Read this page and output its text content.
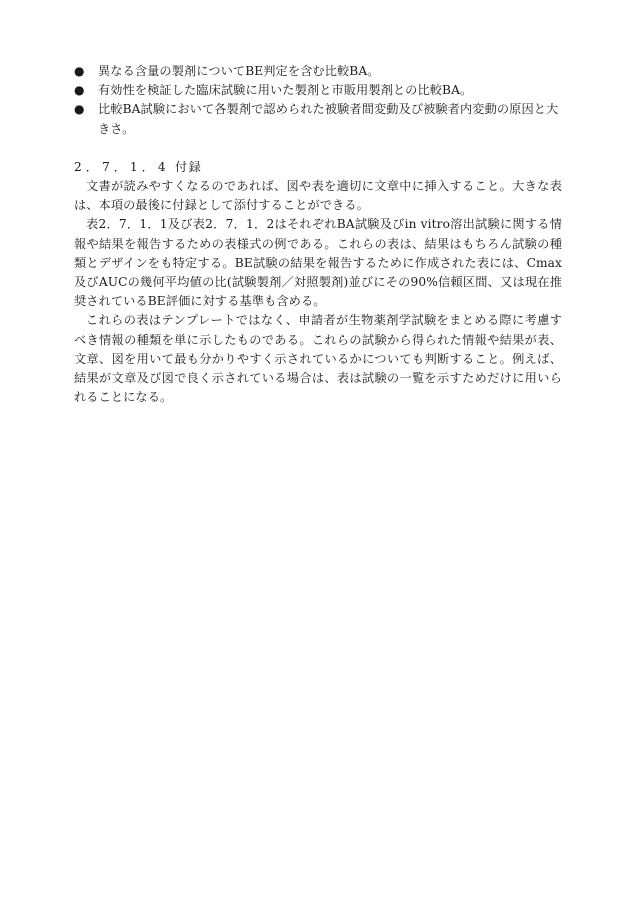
● 異なる含量の製剤についてBE判定を含む比較BA。
● 有効性を検証した臨床試験に用いた製剤と市販用製剤との比較BA。
● 比較BA試験において各製剤で認められた被験者間変動及び被験者内変動の原因と大きさ。
2．7．1．4 付録

文書が読みやすくなるのであれば、図や表を適切に文章中に挿入すること。大きな表は、本項の最後に付録として添付することができる。

表2．7．1．1及び表2．7．1．2はそれぞれBA試験及びin vitro溶出試験に関する情報や結果を報告するための表様式の例である。これらの表は、結果はもちろん試験の種類とデザインをも特定する。BE試験の結果を報告するために作成された表には、Cmax及びAUCの幾何平均値の比(試験製剤／対照製剤)並びにその90%信頼区間、又は現在推奨されているBE評価に対する基準も含める。

これらの表はテンプレートではなく、申請者が生物薬剤学試験をまとめる際に考慮すべき情報の種類を単に示したものである。これらの試験から得られた情報や結果が表、文章、図を用いて最も分かりやすく示されているかについても判断すること。例えば、結果が文章及び図で良く示されている場合は、表は試験の一覧を示すためだけに用いられることになる。
